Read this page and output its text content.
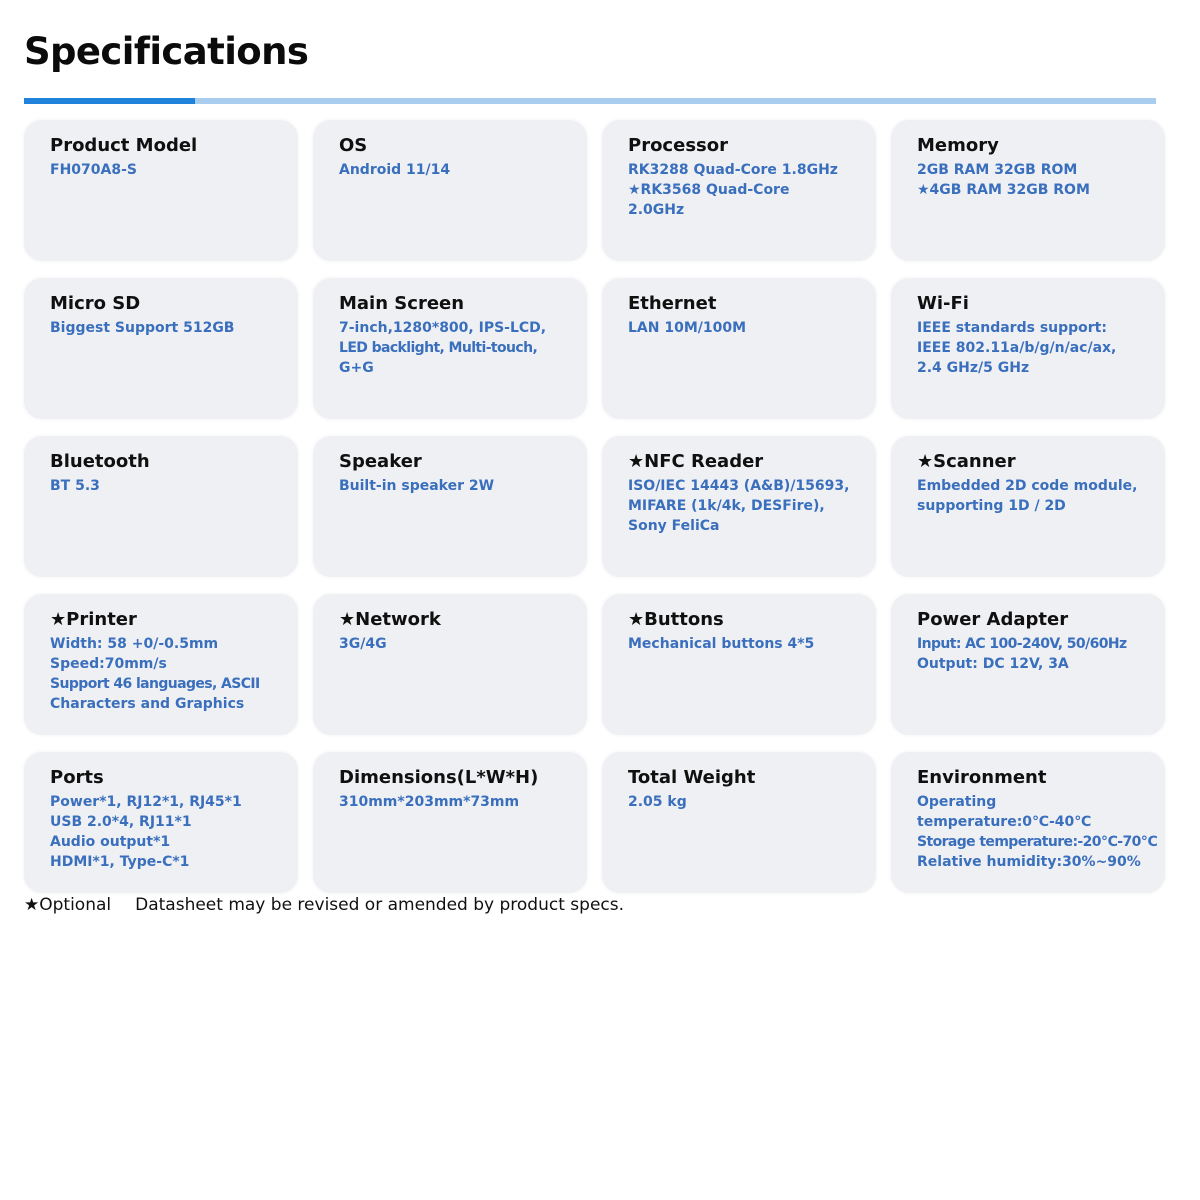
Specifications
Product Model
FH070A8-S
OS
Android 11/14
Processor
RK3288 Quad-Core 1.8GHz
★RK3568 Quad-Core
2.0GHz
Memory
2GB RAM 32GB ROM
★4GB RAM 32GB ROM
Micro SD
Biggest Support 512GB
Main Screen
7-inch,1280*800, IPS-LCD,
LED backlight, Multi-touch,
G+G
Ethernet
LAN 10M/100M
Wi-Fi
IEEE standards support:
IEEE 802.11a/b/g/n/ac/ax,
2.4 GHz/5 GHz
Bluetooth
BT 5.3
Speaker
Built-in speaker 2W
★NFC Reader
ISO/IEC 14443 (A&B)/15693,
MIFARE (1k/4k, DESFire),
Sony FeliCa
★Scanner
Embedded 2D code module,
supporting 1D / 2D
★Printer
Width: 58 +0/-0.5mm
Speed:70mm/s
Support 46 languages, ASCII
Characters and Graphics
★Network
3G/4G
★Buttons
Mechanical buttons 4*5
Power Adapter
Input: AC 100-240V, 50/60Hz
Output: DC 12V, 3A
Ports
Power*1, RJ12*1, RJ45*1
USB 2.0*4, RJ11*1
Audio output*1
HDMI*1, Type-C*1
Dimensions(L*W*H)
310mm*203mm*73mm
Total Weight
2.05 kg
Environment
Operating
temperature:0℃-40℃
Storage temperature:-20℃-70℃
Relative humidity:30%~90%
★Optional Datasheet may be revised or amended by product specs.
